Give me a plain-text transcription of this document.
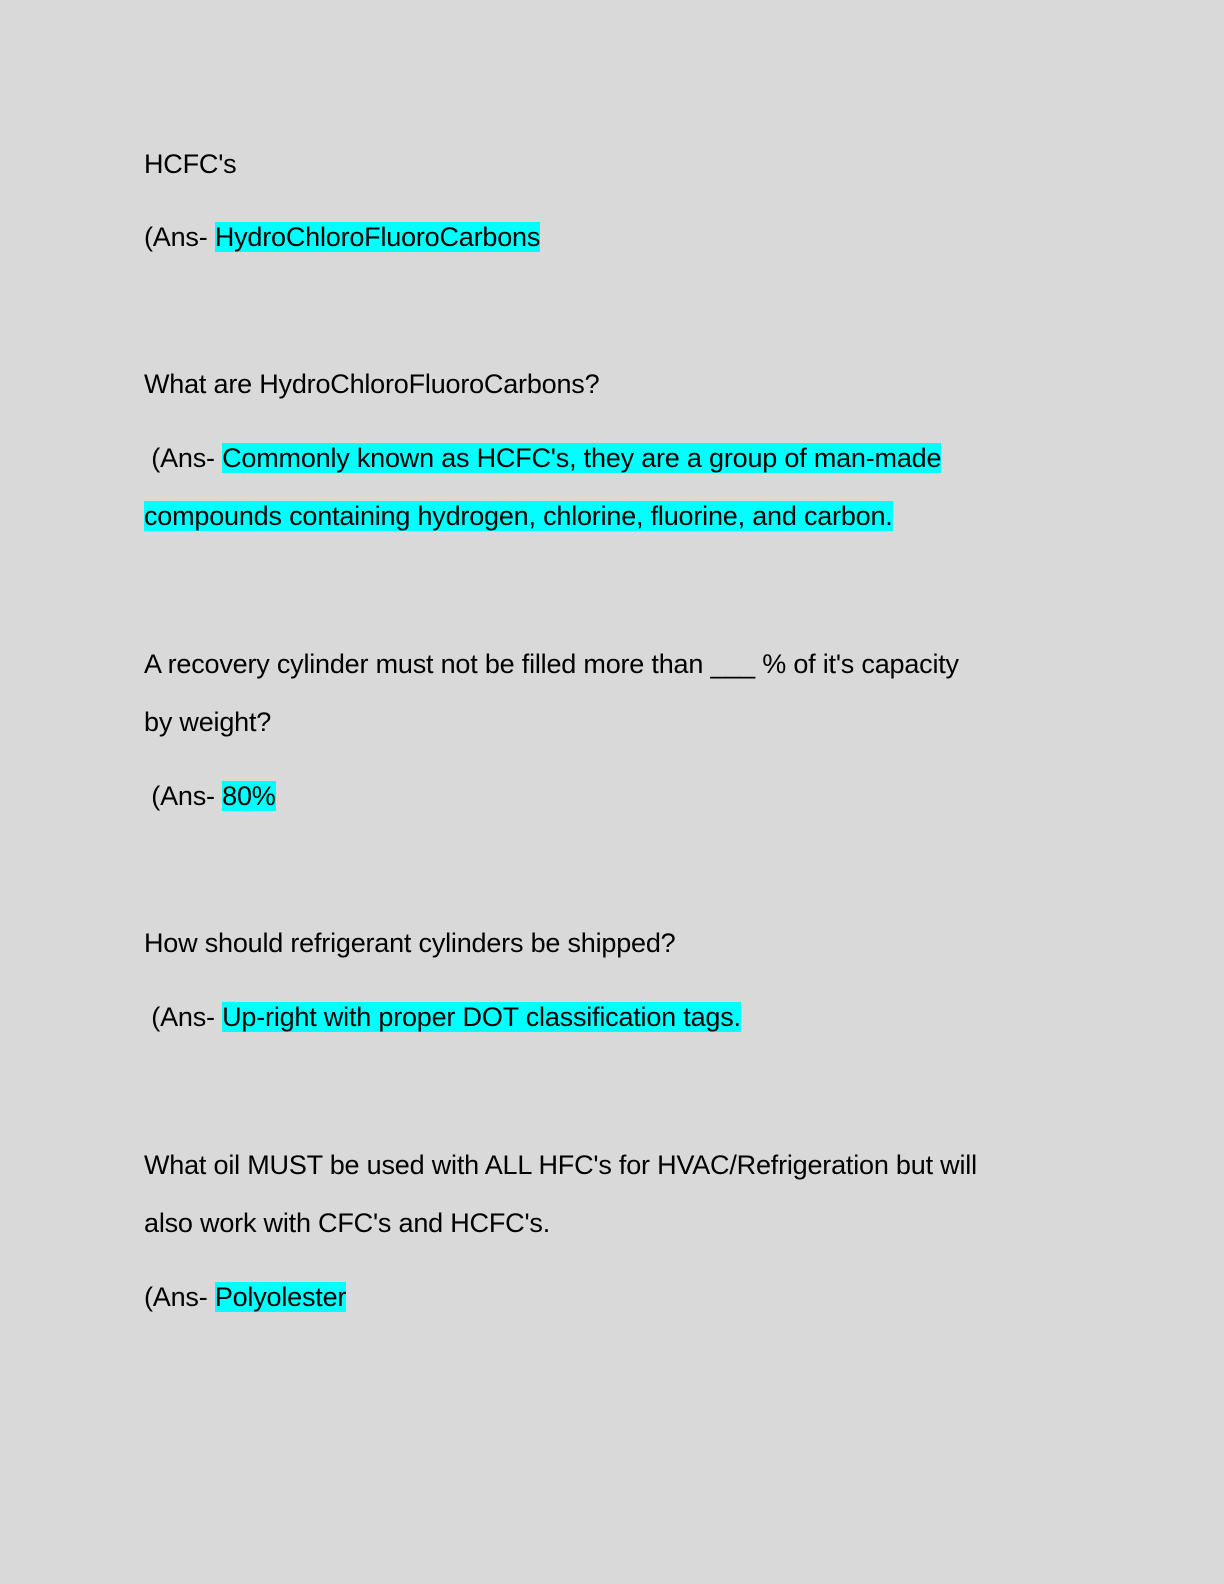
HCFC's
(Ans- HydroChloroFluoroCarbons
What are HydroChloroFluoroCarbons?
(Ans- Commonly known as HCFC's, they are a group of man-made
compounds containing hydrogen, chlorine, fluorine, and carbon.
A recovery cylinder must not be filled more than ___ % of it's capacity
by weight?
(Ans- 80%
How should refrigerant cylinders be shipped?
(Ans- Up-right with proper DOT classification tags.
What oil MUST be used with ALL HFC's for HVAC/Refrigeration but will
also work with CFC's and HCFC's.
(Ans- Polyolester
